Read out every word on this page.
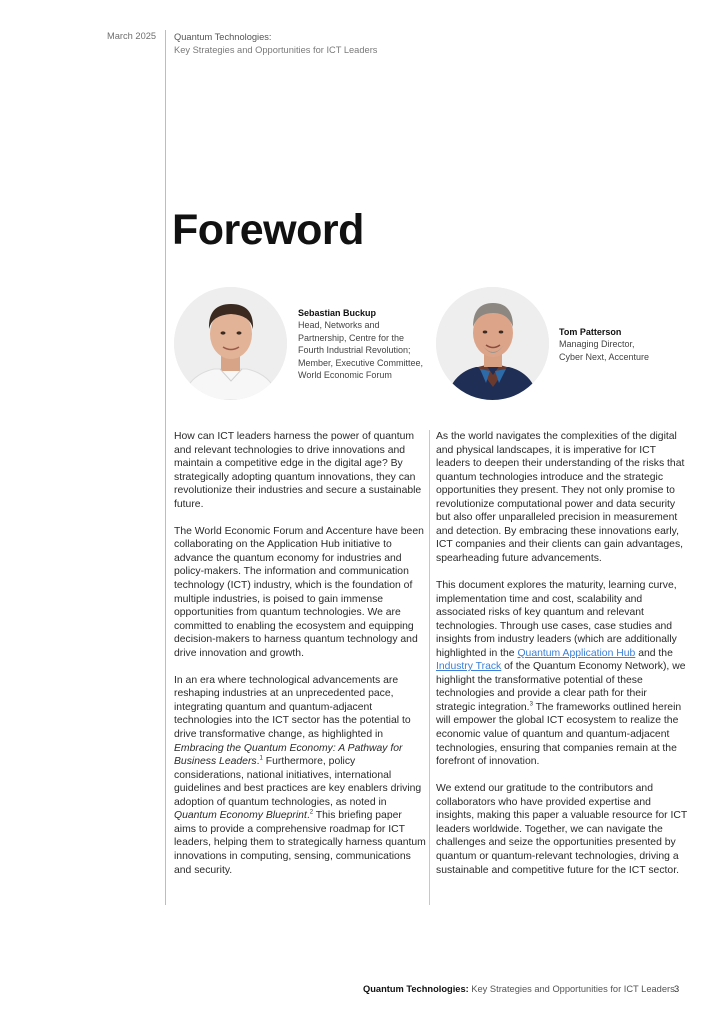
March 2025 Quantum Technologies:
Key Strategies and Opportunities for ICT Leaders
Foreword
Sebastian Buckup
Head, Networks and
Partnership, Centre for the
Fourth Industrial Revolution;
Member, Executive Committee,
World Economic Forum
Tom Patterson
Managing Director,
Cyber Next, Accenture

How can ICT leaders harness the power of quantum and relevant technologies to drive innovations and maintain a competitive edge in the digital age? By strategically adopting quantum innovations, they can revolutionize their industries and secure a sustainable future.

The World Economic Forum and Accenture have been collaborating on the Application Hub initiative to advance the quantum economy for industries and policy-makers. The information and communication technology (ICT) industry, which is the foundation of multiple industries, is poised to gain immense opportunities from quantum technologies. We are committed to enabling the ecosystem and equipping decision-makers to harness quantum technology and drive innovation and growth.

In an era where technological advancements are reshaping industries at an unprecedented pace, integrating quantum and quantum-adjacent technologies into the ICT sector has the potential to drive transformative change, as highlighted in Embracing the Quantum Economy: A Pathway for Business Leaders.$^1$ Furthermore, policy considerations, national initiatives, international guidelines and best practices are key enablers driving adoption of quantum technologies, as noted in Quantum Economy Blueprint.$^2$ This briefing paper aims to provide a comprehensive roadmap for ICT leaders, helping them to strategically harness quantum innovations in computing, sensing, communications and security.

As the world navigates the complexities of the digital and physical landscapes, it is imperative for ICT leaders to deepen their understanding of the risks that quantum technologies introduce and the strategic opportunities they present. They not only promise to revolutionize computational power and data security but also offer unparalleled precision in measurement and detection. By embracing these innovations early, ICT companies and their clients can gain advantages, spearheading future advancements.

This document explores the maturity, learning curve, implementation time and cost, scalability and associated risks of key quantum and relevant technologies. Through use cases, case studies and insights from industry leaders (which are additionally highlighted in the Quantum Application Hub and the Industry Track of the Quantum Economy Network), we highlight the transformative potential of these technologies and provide a clear path for their strategic integration.$^3$ The frameworks outlined herein will empower the global ICT ecosystem to realize the economic value of quantum and quantum-adjacent technologies, ensuring that companies remain at the forefront of innovation.

We extend our gratitude to the contributors and collaborators who have provided expertise and insights, making this paper a valuable resource for ICT leaders worldwide. Together, we can navigate the challenges and seize the opportunities presented by quantum or quantum-relevant technologies, driving a sustainable and competitive future for the ICT sector.

Quantum Technologies: Key Strategies and Opportunities for ICT Leaders 3
